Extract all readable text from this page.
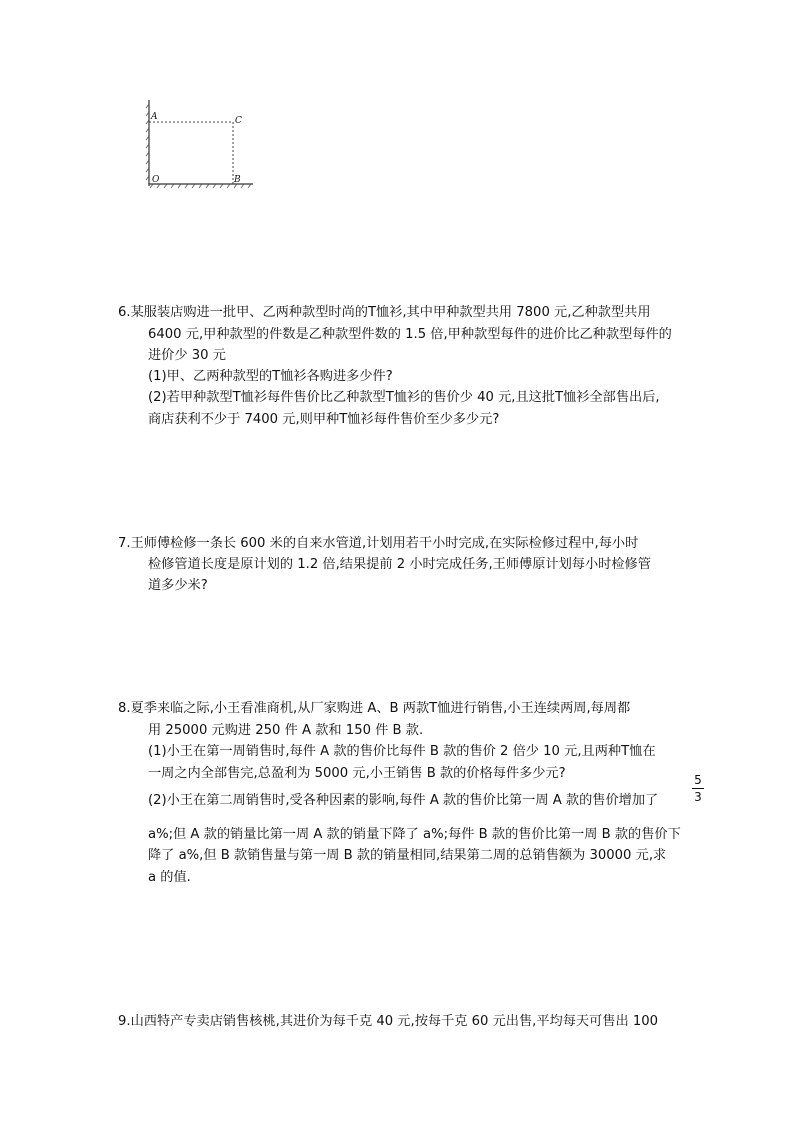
A	C
O	B
6.某服装店购进一批甲、乙两种款型时尚的T恤衫,其中甲种款型共用 7800 元,乙种款型共用
6400 元,甲种款型的件数是乙种款型件数的 1.5 倍,甲种款型每件的进价比乙种款型每件的
进价少 30 元
(1)甲、乙两种款型的T恤衫各购进多少件?
(2)若甲种款型T恤衫每件售价比乙种款型T恤衫的售价少 40 元,且这批T恤衫全部售出后,
商店获利不少于 7400 元,则甲种T恤衫每件售价至少多少元?
7.王师傅检修一条长 600 米的自来水管道,计划用若干小时完成,在实际检修过程中,每小时
检修管道长度是原计划的 1.2 倍,结果提前 2 小时完成任务,王师傅原计划每小时检修管
道多少米?
8.夏季来临之际,小王看准商机,从厂家购进 A、B 两款T恤进行销售,小王连续两周,每周都
用 25000 元购进 250 件 A 款和 150 件 B 款.
(1)小王在第一周销售时,每件 A 款的售价比每件 B 款的售价 2 倍少 10 元,且两种T恤在
一周之内全部售完,总盈利为 5000 元,小王销售 B 款的价格每件多少元?
(2)小王在第二周销售时,受各种因素的影响,每件 A 款的售价比第一周 A 款的售价增加了
5
3
a%;但 A 款的销量比第一周 A 款的销量下降了 a%;每件 B 款的售价比第一周 B 款的售价下
降了 a%,但 B 款销售量与第一周 B 款的销量相同,结果第二周的总销售额为 30000 元,求
a 的值.
9.山西特产专卖店销售核桃,其进价为每千克 40 元,按每千克 60 元出售,平均每天可售出 100
